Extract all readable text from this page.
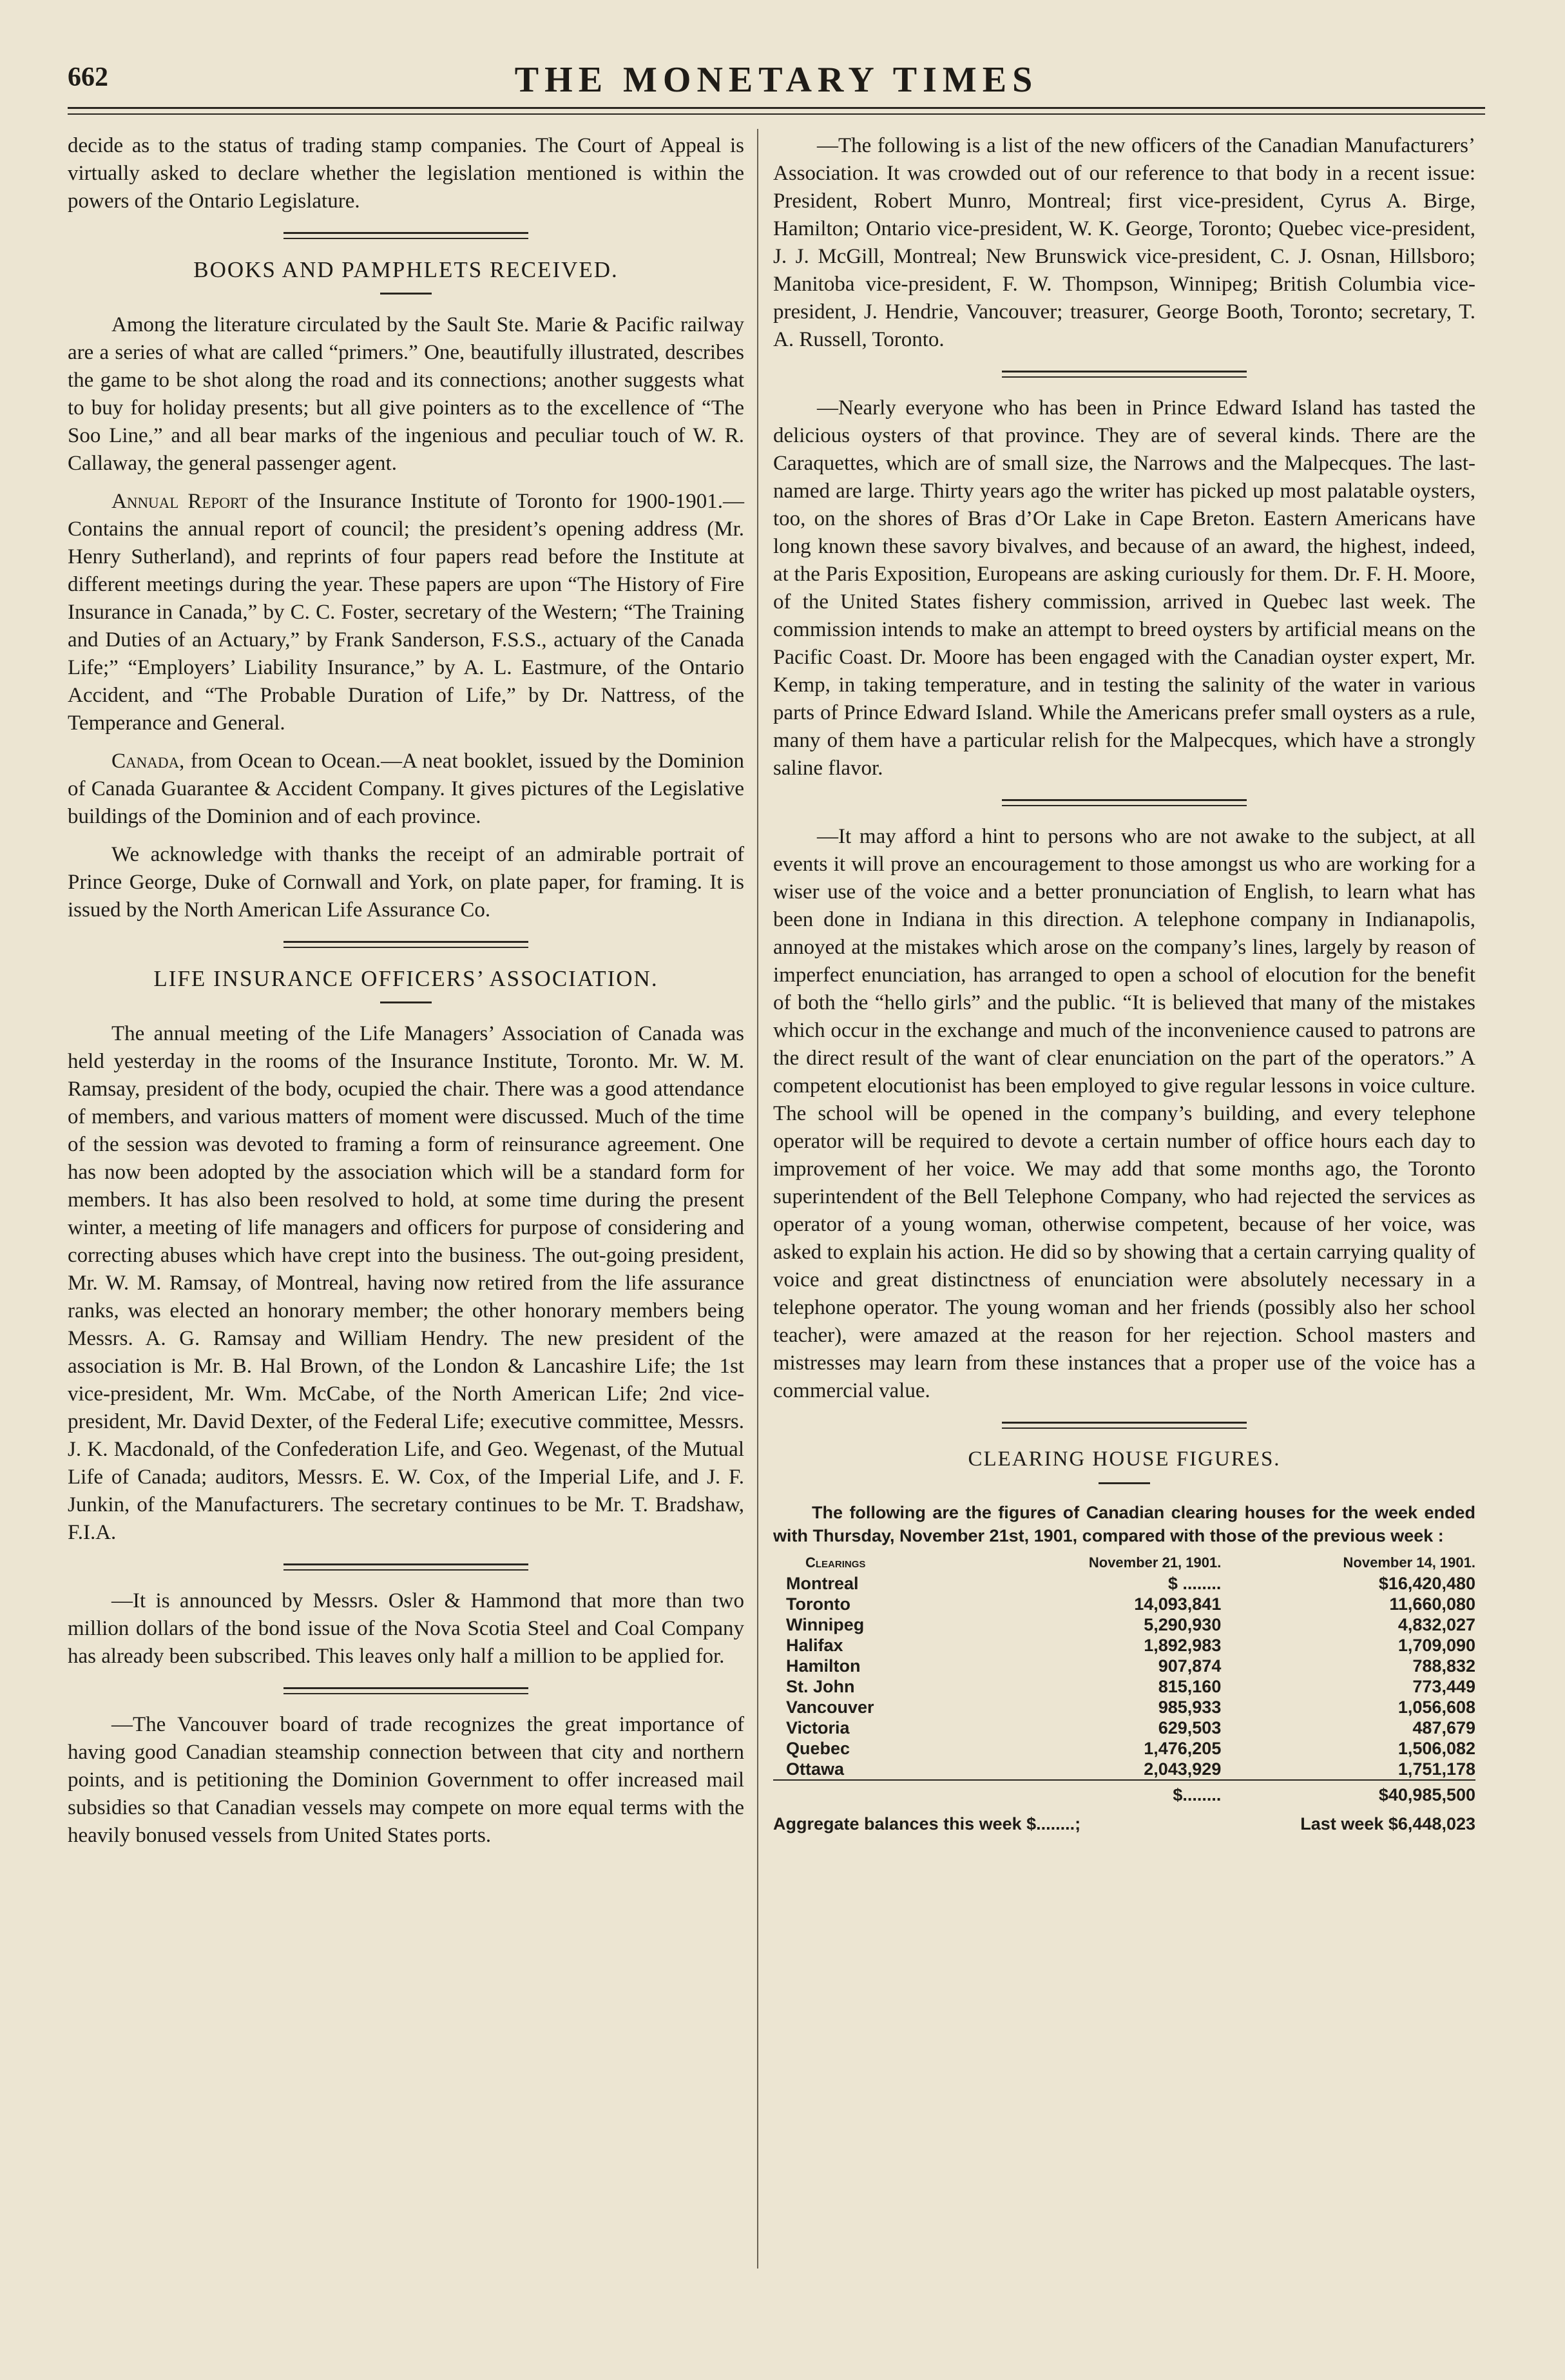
THE MONETARY TIMES
662

decide as to the status of trading stamp companies. The Court of Appeal is virtually asked to declare whether the legislation mentioned is within the powers of the Ontario Legislature.

BOOKS AND PAMPHLETS RECEIVED.

Among the literature circulated by the Sault Ste. Marie & Pacific railway are a series of what are called “primers.” One, beautifully illustrated, describes the game to be shot along the road and its connections; another suggests what to buy for holiday presents; but all give pointers as to the excellence of “The Soo Line,” and all bear marks of the ingenious and peculiar touch of W. R. Callaway, the general passenger agent.

Annual Report of the Insurance Institute of Toronto for 1900-1901.—Contains the annual report of council; the president’s opening address (Mr. Henry Sutherland), and reprints of four papers read before the Institute at different meetings during the year. These papers are upon “The History of Fire Insurance in Canada,” by C. C. Foster, secretary of the Western; “The Training and Duties of an Actuary,” by Frank Sanderson, F.S.S., actuary of the Canada Life;” “Employers’ Liability Insurance,” by A. L. Eastmure, of the Ontario Accident, and “The Probable Duration of Life,” by Dr. Nattress, of the Temperance and General.

Canada, from Ocean to Ocean.—A neat booklet, issued by the Dominion of Canada Guarantee & Accident Company. It gives pictures of the Legislative buildings of the Dominion and of each province.

We acknowledge with thanks the receipt of an admirable portrait of Prince George, Duke of Cornwall and York, on plate paper, for framing. It is issued by the North American Life Assurance Co.

LIFE INSURANCE OFFICERS’ ASSOCIATION.

The annual meeting of the Life Managers’ Association of Canada was held yesterday in the rooms of the Insurance Institute, Toronto. Mr. W. M. Ramsay, president of the body, ocupied the chair. There was a good attendance of members, and various matters of moment were discussed. Much of the time of the session was devoted to framing a form of reinsurance agreement. One has now been adopted by the association which will be a standard form for members. It has also been resolved to hold, at some time during the present winter, a meeting of life managers and officers for purpose of considering and correcting abuses which have crept into the business. The out-going president, Mr. W. M. Ramsay, of Montreal, having now retired from the life assurance ranks, was elected an honorary member; the other honorary members being Messrs. A. G. Ramsay and William Hendry. The new president of the association is Mr. B. Hal Brown, of the London & Lancashire Life; the 1st vice-president, Mr. Wm. McCabe, of the North American Life; 2nd vice-president, Mr. David Dexter, of the Federal Life; executive committee, Messrs. J. K. Macdonald, of the Confederation Life, and Geo. Wegenast, of the Mutual Life of Canada; auditors, Messrs. E. W. Cox, of the Imperial Life, and J. F. Junkin, of the Manufacturers. The secretary continues to be Mr. T. Bradshaw, F.I.A.

—It is announced by Messrs. Osler & Hammond that more than two million dollars of the bond issue of the Nova Scotia Steel and Coal Company has already been subscribed. This leaves only half a million to be applied for.

—The Vancouver board of trade recognizes the great importance of having good Canadian steamship connection between that city and northern points, and is petitioning the Dominion Government to offer increased mail subsidies so that Canadian vessels may compete on more equal terms with the heavily bonused vessels from United States ports.

—The following is a list of the new officers of the Canadian Manufacturers’ Association. It was crowded out of our reference to that body in a recent issue: President, Robert Munro, Montreal; first vice-president, Cyrus A. Birge, Hamilton; Ontario vice-president, W. K. George, Toronto; Quebec vice-president, J. J. McGill, Montreal; New Brunswick vice-president, C. J. Osnan, Hillsboro; Manitoba vice-president, F. W. Thompson, Winnipeg; British Columbia vice-president, J. Hendrie, Vancouver; treasurer, George Booth, Toronto; secretary, T. A. Russell, Toronto.

—Nearly everyone who has been in Prince Edward Island has tasted the delicious oysters of that province. They are of several kinds. There are the Caraquettes, which are of small size, the Narrows and the Malpecques. The last-named are large. Thirty years ago the writer has picked up most palatable oysters, too, on the shores of Bras d’Or Lake in Cape Breton. Eastern Americans have long known these savory bivalves, and because of an award, the highest, indeed, at the Paris Exposition, Europeans are asking curiously for them. Dr. F. H. Moore, of the United States fishery commission, arrived in Quebec last week. The commission intends to make an attempt to breed oysters by artificial means on the Pacific Coast. Dr. Moore has been engaged with the Canadian oyster expert, Mr. Kemp, in taking temperature, and in testing the salinity of the water in various parts of Prince Edward Island. While the Americans prefer small oysters as a rule, many of them have a particular relish for the Malpecques, which have a strongly saline flavor.

—It may afford a hint to persons who are not awake to the subject, at all events it will prove an encouragement to those amongst us who are working for a wiser use of the voice and a better pronunciation of English, to learn what has been done in Indiana in this direction. A telephone company in Indianapolis, annoyed at the mistakes which arose on the company’s lines, largely by reason of imperfect enunciation, has arranged to open a school of elocution for the benefit of both the “hello girls” and the public. “It is believed that many of the mistakes which occur in the exchange and much of the inconvenience caused to patrons are the direct result of the want of clear enunciation on the part of the operators.” A competent elocutionist has been employed to give regular lessons in voice culture. The school will be opened in the company’s building, and every telephone operator will be required to devote a certain number of office hours each day to improvement of her voice. We may add that some months ago, the Toronto superintendent of the Bell Telephone Company, who had rejected the services as operator of a young woman, otherwise competent, because of her voice, was asked to explain his action. He did so by showing that a certain carrying quality of voice and great distinctness of enunciation were absolutely necessary in a telephone operator. The young woman and her friends (possibly also her school teacher), were amazed at the reason for her rejection. School masters and mistresses may learn from these instances that a proper use of the voice has a commercial value.

CLEARING HOUSE FIGURES.

The following are the figures of Canadian clearing houses for the week ended with Thursday, November 21st, 1901, compared with those of the previous week :

Clearings	November 21, 1901.	November 14, 1901.
Montreal	$ ........	$16,420,480
Toronto	14,093,841	11,660,080
Winnipeg	5,290,930	4,832,027
Halifax	1,892,983	1,709,090
Hamilton	907,874	788,832
St. John	815,160	773,449
Vancouver	985,933	1,056,608
Victoria	629,503	487,679
Quebec	1,476,205	1,506,082
Ottawa	2,043,929	1,751,178

	$........	$40,985,500
Aggregate balances this week $........;	Last week $6,448,023
